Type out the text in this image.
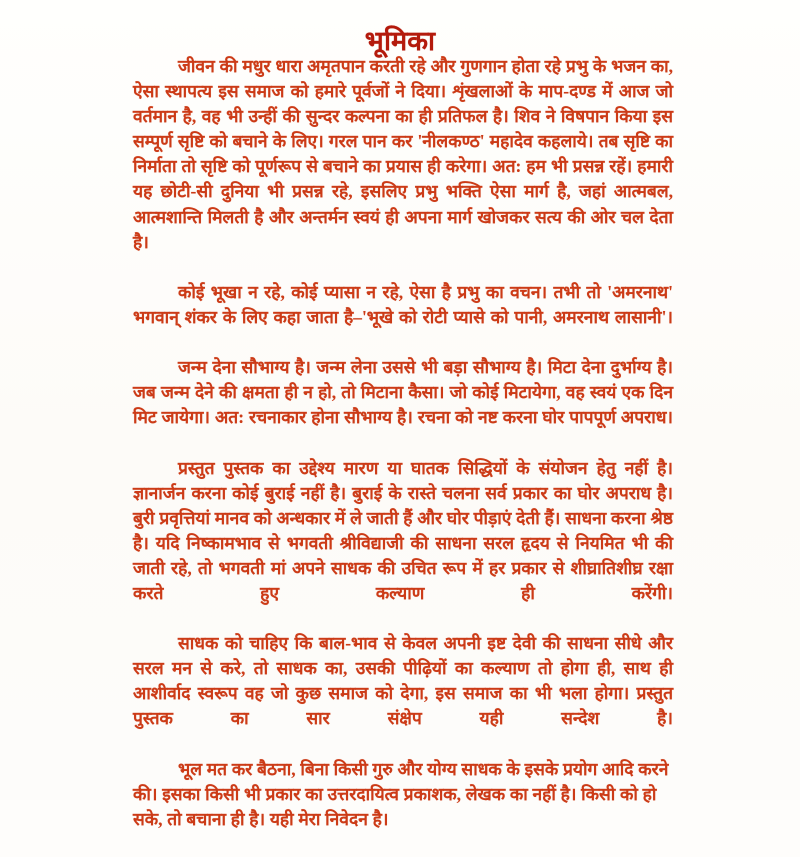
भूमिका

जीवन की मधुर धारा अमृतपान करती रहे और गुणगान होता रहे प्रभु के भजन का, ऐसा स्थापत्य इस समाज को हमारे पूर्वजों ने दिया। शृंखलाओं के माप-दण्ड में आज जो वर्तमान है, वह भी उन्हीं की सुन्दर कल्पना का ही प्रतिफल है। शिव ने विषपान किया इस सम्पूर्ण सृष्टि को बचाने के लिए। गरल पान कर 'नीलकण्ठ' महादेव कहलाये। तब सृष्टि का निर्माता तो सृष्टि को पूर्णरूप से बचाने का प्रयास ही करेगा। अत: हम भी प्रसन्न रहें। हमारी यह छोटी-सी दुनिया भी प्रसन्न रहे, इसलिए प्रभु भक्ति ऐसा मार्ग है, जहां आत्मबल, आत्मशान्ति मिलती है और अन्तर्मन स्वयं ही अपना मार्ग खोजकर सत्य की ओर चल देता है।

कोई भूखा न रहे, कोई प्यासा न रहे, ऐसा है प्रभु का वचन। तभी तो 'अमरनाथ' भगवान् शंकर के लिए कहा जाता है–'भूखे को रोटी प्यासे को पानी, अमरनाथ लासानी'।

जन्म देना सौभाग्य है। जन्म लेना उससे भी बड़ा सौभाग्य है। मिटा देना दुर्भाग्य है। जब जन्म देने की क्षमता ही न हो, तो मिटाना कैसा। जो कोई मिटायेगा, वह स्वयं एक दिन मिट जायेगा। अत: रचनाकार होना सौभाग्य है। रचना को नष्ट करना घोर पापपूर्ण अपराध।

प्रस्तुत पुस्तक का उद्देश्य मारण या घातक सिद्धियों के संयोजन हेतु नहीं है। ज्ञानार्जन करना कोई बुराई नहीं है। बुराई के रास्ते चलना सर्व प्रकार का घोर अपराध है। बुरी प्रवृत्तियां मानव को अन्धकार में ले जाती हैं और घोर पीड़ाएं देती हैं। साधना करना श्रेष्ठ है। यदि निष्कामभाव से भगवती श्रीविद्याजी की साधना सरल हृदय से नियमित भी की जाती रहे, तो भगवती मां अपने साधक की उचित रूप में हर प्रकार से शीघ्रातिशीघ्र रक्षा करते हुए कल्याण ही करेंगी।

साधक को चाहिए कि बाल-भाव से केवल अपनी इष्ट देवी की साधना सीधे और सरल मन से करे, तो साधक का, उसकी पीढ़ियों का कल्याण तो होगा ही, साथ ही आशीर्वाद स्वरूप वह जो कुछ समाज को देगा, इस समाज का भी भला होगा। प्रस्तुत पुस्तक का सार संक्षेप यही सन्देश है।

भूल मत कर बैठना, बिना किसी गुरु और योग्य साधक के इसके प्रयोग आदि करने की। इसका किसी भी प्रकार का उत्तरदायित्व प्रकाशक, लेखक का नहीं है। किसी को हो सके, तो बचाना ही है। यही मेरा निवेदन है।
